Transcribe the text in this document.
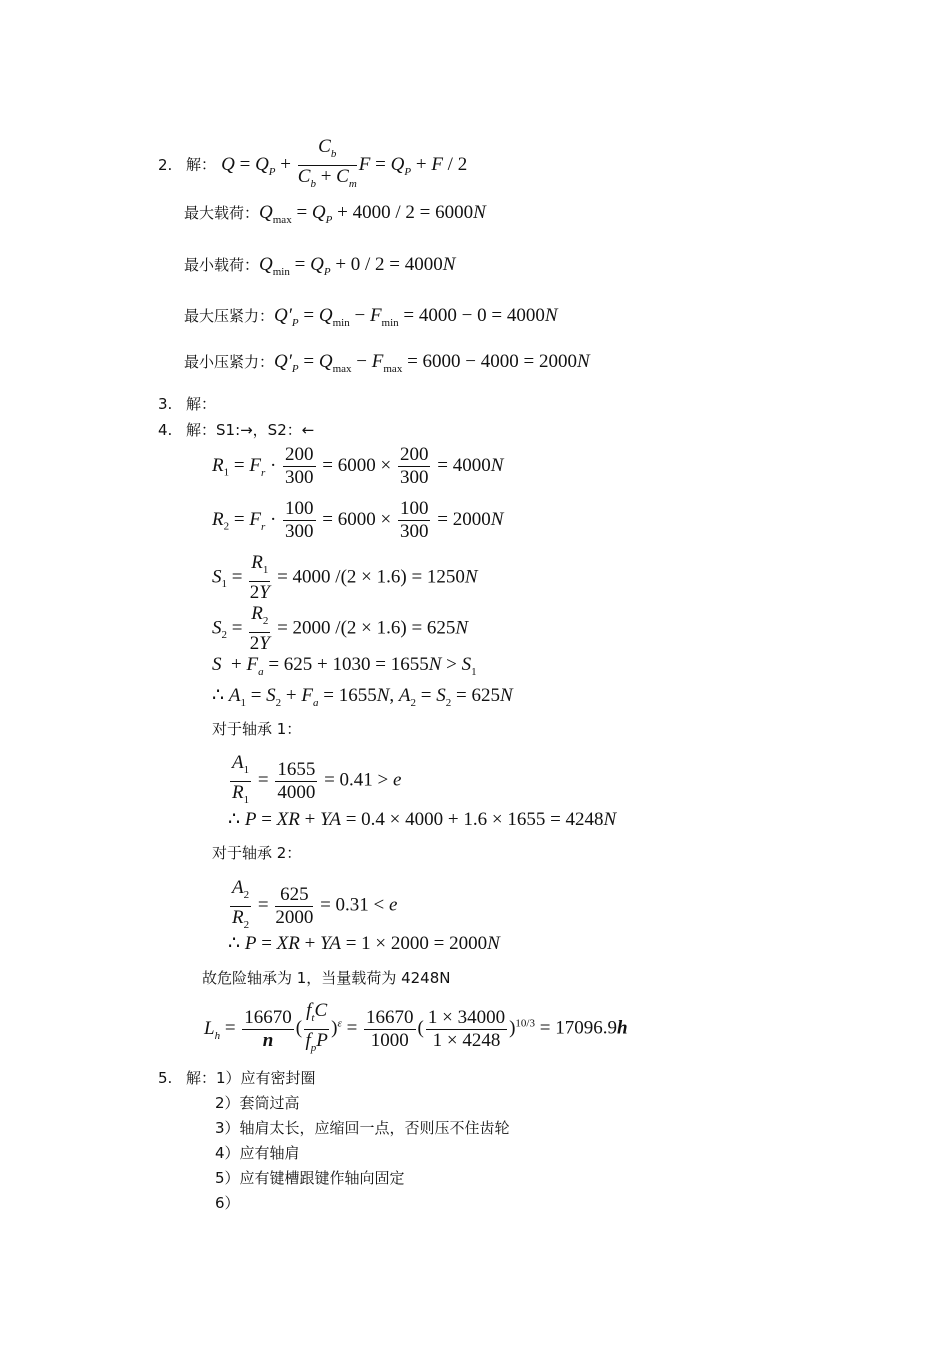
2. 解： $Q = Q_P + \frac{C_b}{C_b + C_m}$ $F = Q_P + F / 2$
最大载荷：$Q_{max} = Q_P + 4000 / 2 = 6000N$
最小载荷：$Q_{min} = Q_P + 0 / 2 = 4000N$
最大压紧力：$Q'_P = Q_{min} - F_{min} = 4000 - 0 = 4000N$
最小压紧力：$Q'_P = Q_{max} - F_{max} = 6000 - 4000 = 2000N$
3. 解：
4. 解：S1:→，S2：←
$R_1 = F_r \cdot \frac{200}{300} = 6000 \times \frac{200}{300} = 4000N$
$R_2 = F_r \cdot \frac{100}{300} = 6000 \times \frac{100}{300} = 2000N$
$S_1 = \frac{R_1}{2Y} = 4000$ /(2 × 1.6) = 1250N
$S_2 = \frac{R_2}{2Y} = 2000$ /(2 × 1.6) = 625N
$S + F_a = 625 + 1030 = 1655N > S_1$
∴ $A_1 = S_2 + F_a = 1655N$, $A_2 = S_2 = 625N$
对于轴承 1：
$\frac{A_1}{R_1} = \frac{1655}{4000} = 0.41 > e$
∴ P = XR + YA = 0.4 × 4000 + 1.6 × 1655 = 4248N
对于轴承 2：
$\frac{A_2}{R_2} = \frac{625}{2000} = 0.31 < e$
∴ P = XR + YA = 1 × 2000 = 2000N
故危险轴承为 1，当量载荷为 4248N
$L_h = \frac{16670}{n}$ ( $\frac{f_tC}{f_pP} )^\varepsilon = \frac{16670}{1000}$ ( $\frac{1 \times 34000}{1 \times 4248} )^{10/3} = 17096.9h$
5. 解：1）应有密封圈
2）套筒过高
3）轴肩太长，应缩回一点，否则压不住齿轮
4）应有轴肩
5）应有键槽跟键作轴向固定
6）
